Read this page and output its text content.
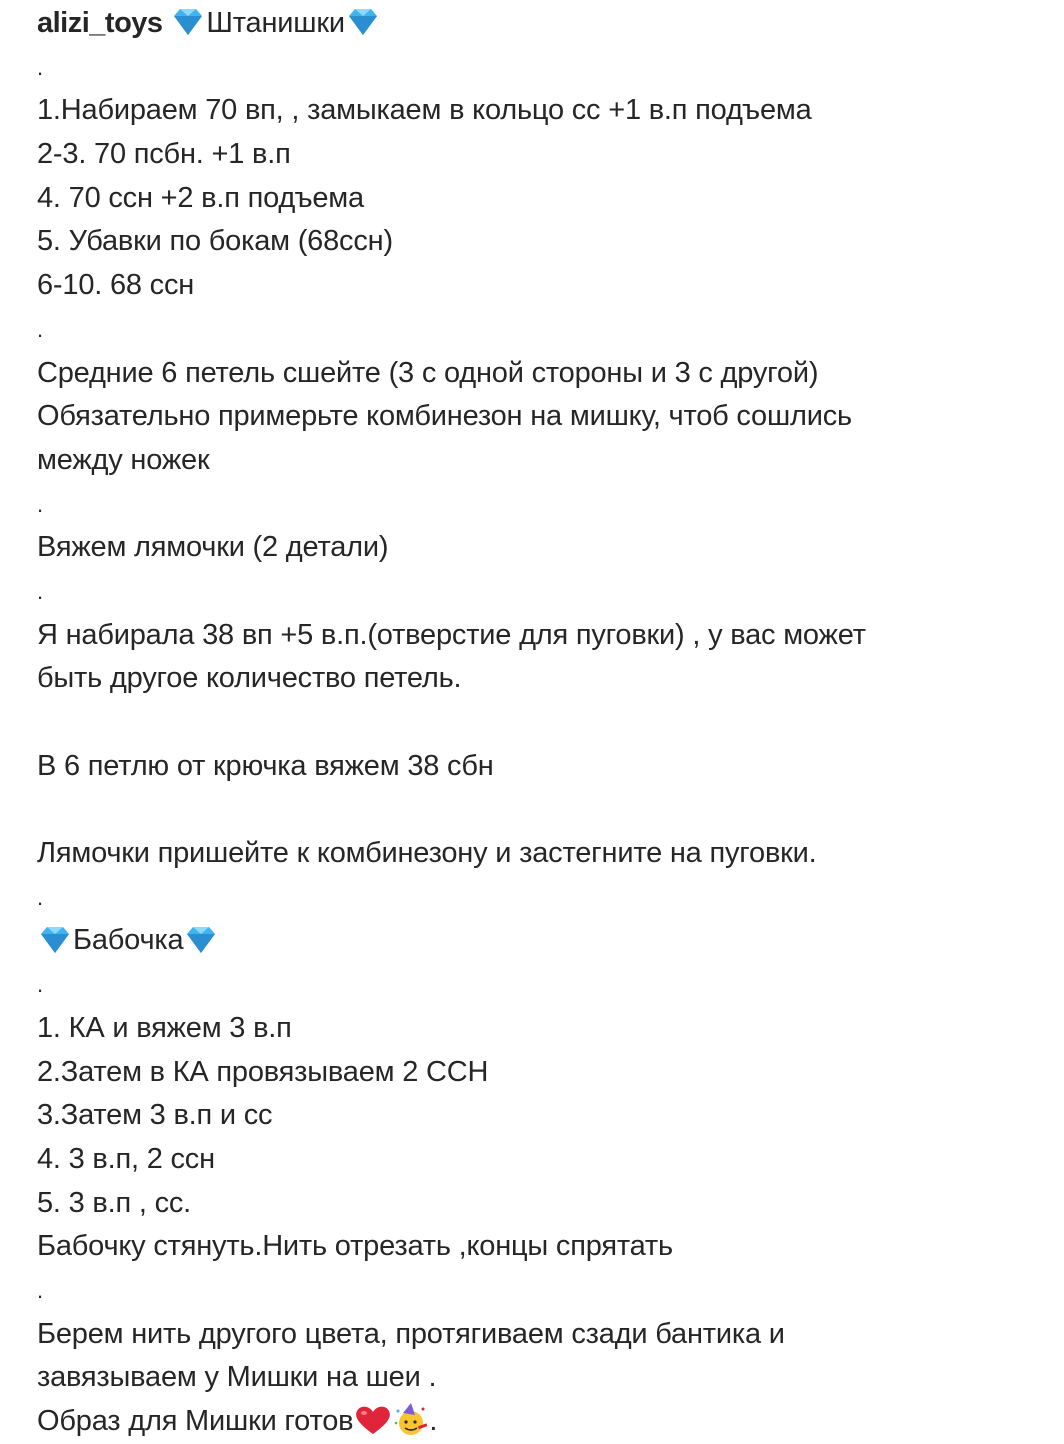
alizi_toys Штанишки
.
1.Набираем 70 вп, , замыкаем в кольцо сс +1 в.п подъема
2-3. 70 псбн. +1 в.п
4. 70 ссн +2 в.п подъема
5. Убавки по бокам (68ссн)
6-10. 68 ссн
.
Средние 6 петель сшейте (3 с одной стороны и 3 с другой)
Обязательно примерьте комбинезон на мишку, чтоб сошлись
между ножек
.
Вяжем лямочки (2 детали)
.
Я набирала 38 вп +5 в.п.(отверстие для пуговки) , у вас может
быть другое количество петель.
В 6 петлю от крючка вяжем 38 сбн
Лямочки пришейте к комбинезону и застегните на пуговки.
.
Бабочка
.
1. КА и вяжем 3 в.п
2.Затем в КА провязываем 2 ССН
3.Затем 3 в.п и сс
4. 3 в.п, 2 ссн
5. 3 в.п , сс.
Бабочку стянуть.Нить отрезать ,концы спрятать
.
Берем нить другого цвета, протягиваем сзади бантика и
завязываем у Мишки на шеи .
Образ для Мишки готов	.
